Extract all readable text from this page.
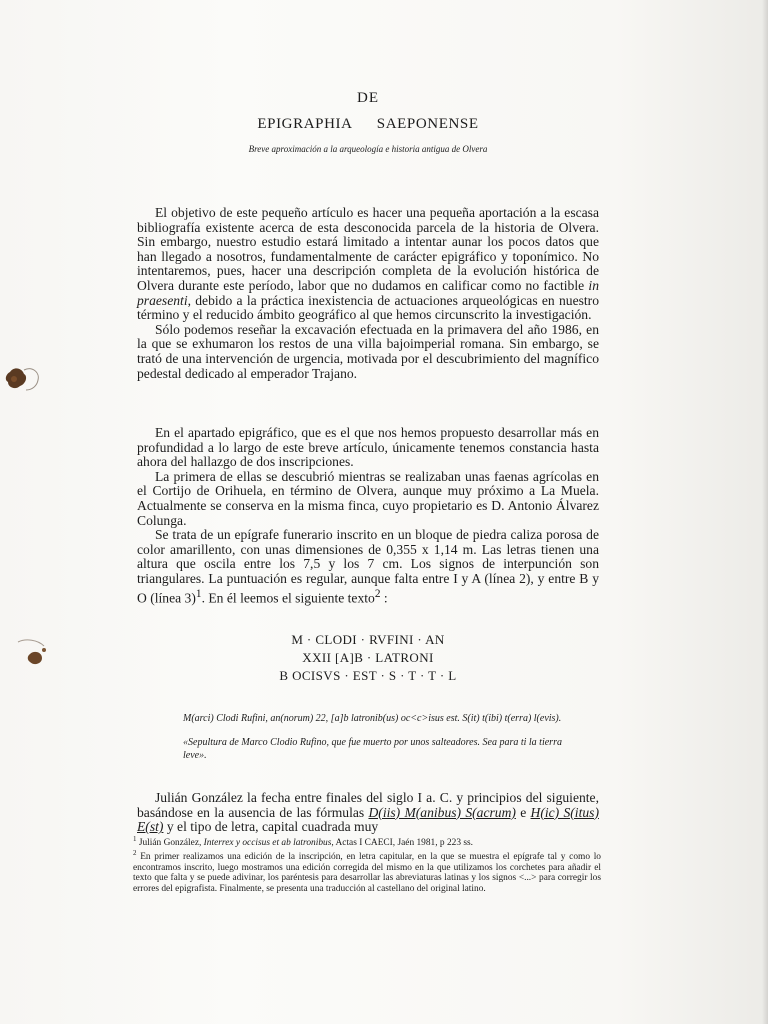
DE
EPIGRAPHIA   SAEPONENSE

Breve aproximación a la arqueología e historia antigua de Olvera

El objetivo de este pequeño artículo es hacer una pequeña aportación a la escasa bibliografía existente acerca de esta desconocida parcela de la historia de Olvera. Sin embargo, nuestro estudio estará limitado a intentar aunar los pocos datos que han llegado a nosotros, fundamentalmente de carácter epigráfico y toponímico. No intentaremos, pues, hacer una descripción completa de la evolución histórica de Olvera durante este período, labor que no dudamos en calificar como no factible in praesenti, debido a la práctica inexistencia de actuaciones arqueológicas en nuestro término y el reducido ámbito geográfico al que hemos circunscrito la investigación.

Sólo podemos reseñar la excavación efectuada en la primavera del año 1986, en la que se exhumaron los restos de una villa bajoimperial romana. Sin embargo, se trató de una intervención de urgencia, motivada por el descubrimiento del magnífico pedestal dedicado al emperador Trajano.

En el apartado epigráfico, que es el que nos hemos propuesto desarrollar más en profundidad a lo largo de este breve artículo, únicamente tenemos constancia hasta ahora del hallazgo de dos inscripciones.

La primera de ellas se descubrió mientras se realizaban unas faenas agrícolas en el Cortijo de Orihuela, en término de Olvera, aunque muy próximo a La Muela. Actualmente se conserva en la misma finca, cuyo propietario es D. Antonio Álvarez Colunga.

Se trata de un epígrafe funerario inscrito en un bloque de piedra caliza porosa de color amarillento, con unas dimensiones de 0,355 x 1,14 m. Las letras tienen una altura que oscila entre los 7,5 y los 7 cm. Los signos de interpunción son triangulares. La puntuación es regular, aunque falta entre I y A (línea 2), y entre B y O (línea 3)$^1$. En él leemos el siguiente texto$^2$ :

M · CLODI · RVFINI · AN
XXII [A]B · LATRONI
B OCISVS · EST · S · T · T · L

M(arci) Clodi Rufini, an(norum) 22, [a]b latronib(us) oc<c>isus est. S(it) t(ibi) t(erra) l(evis).

«Sepultura de Marco Clodio Rufino, que fue muerto por unos salteadores. Sea para ti la tierra leve».

Julián González la fecha entre finales del siglo I a. C. y principios del siguiente, basándose en la ausencia de las fórmulas D(iis) M(anibus) S(acrum) e H(ic) S(itus) E(st) y el tipo de letra, capital cuadrada muy

$^1$ Julián González, Interrex y occisus et ab latronibus, Actas I CAECI, Jaén 1981, p 223 ss.

$^2$ En primer realizamos una edición de la inscripción, en letra capitular, en la que se muestra el epígrafe tal y como lo encontramos inscrito, luego mostramos una edición corregida del mismo en la que utilizamos los corchetes para añadir el texto que falta y se puede adivinar, los paréntesis para desarrollar las abreviaturas latinas y los signos <...> para corregir los errores del epigrafista. Finalmente, se presenta una traducción al castellano del original latino.
